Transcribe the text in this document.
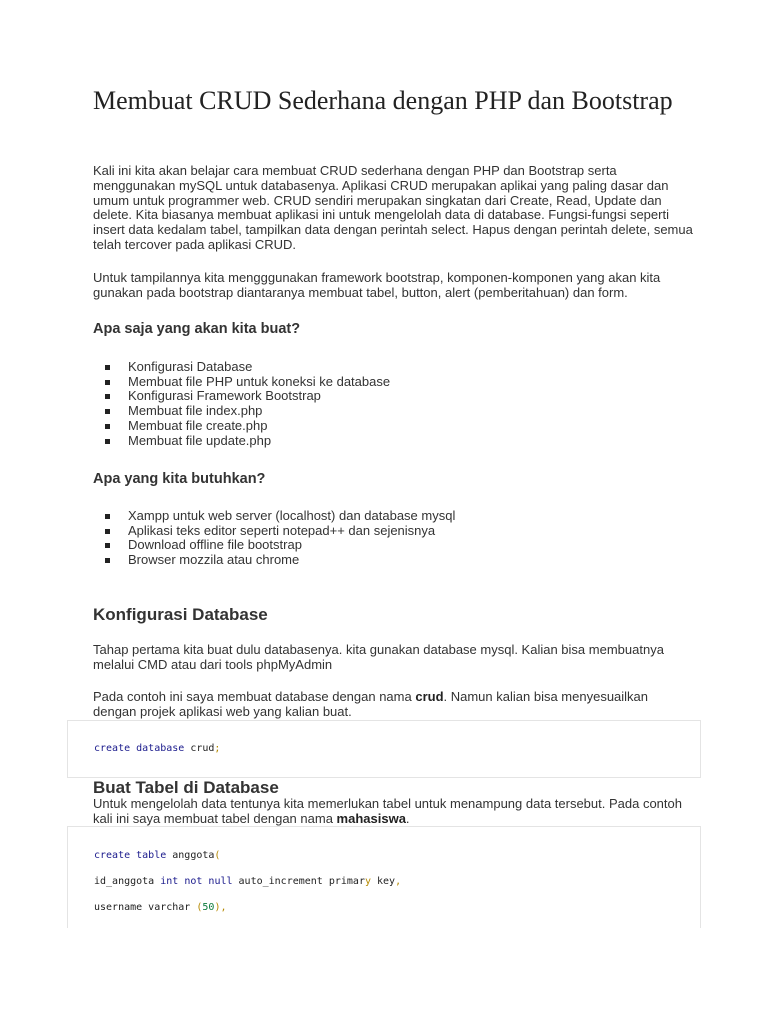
Membuat CRUD Sederhana dengan PHP dan Bootstrap

Kali ini kita akan belajar cara membuat CRUD sederhana dengan PHP dan Bootstrap serta menggunakan mySQL untuk databasenya. Aplikasi CRUD merupakan aplikai yang paling dasar dan umum untuk programmer web. CRUD sendiri merupakan singkatan dari Create, Read, Update dan delete. Kita biasanya membuat aplikasi ini untuk mengelolah data di database. Fungsi-fungsi seperti insert data kedalam tabel, tampilkan data dengan perintah select. Hapus dengan perintah delete, semua telah tercover pada aplikasi CRUD.

Untuk tampilannya kita mengggunakan framework bootstrap, komponen-komponen yang akan kita gunakan pada bootstrap diantaranya membuat tabel, button, alert (pemberitahuan) dan form.

Apa saja yang akan kita buat?
Konfigurasi Database
Membuat file PHP untuk koneksi ke database
Konfigurasi Framework Bootstrap
Membuat file index.php
Membuat file create.php
Membuat file update.php
Apa yang kita butuhkan?
Xampp untuk web server (localhost) dan database mysql
Aplikasi teks editor seperti notepad++ dan sejenisnya
Download offline file bootstrap
Browser mozzila atau chrome
Konfigurasi Database

Tahap pertama kita buat dulu databasenya. kita gunakan database mysql. Kalian bisa membuatnya melalui CMD atau dari tools phpMyAdmin

Pada contoh ini saya membuat database dengan nama crud. Namun kalian bisa menyesuailkan dengan projek aplikasi web yang kalian buat.

create database crud;
Buat Tabel di Database

Untuk mengelolah data tentunya kita memerlukan tabel untuk menampung data tersebut. Pada contoh kali ini saya membuat tabel dengan nama mahasiswa.

create table anggota(
id_anggota int not null auto_increment primary key,
username varchar (50),
